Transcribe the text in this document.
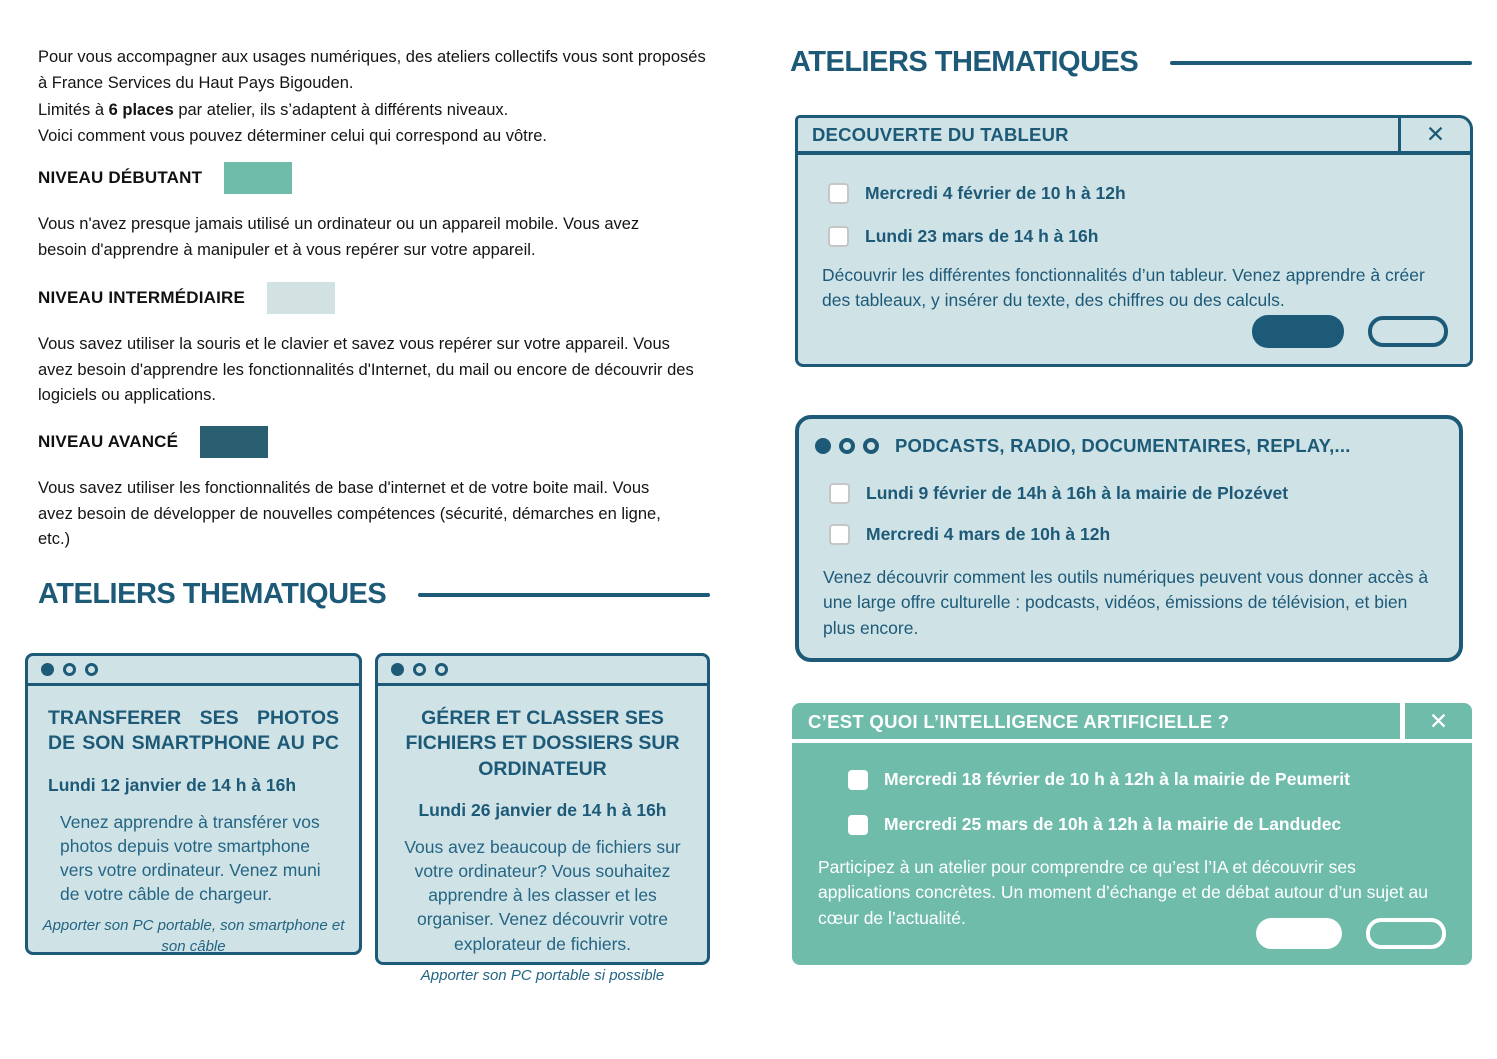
Pour vous accompagner aux usages numériques, des ateliers collectifs vous sont proposés à France Services du Haut Pays Bigouden.
Limités à 6 places par atelier, ils s’adaptent à différents niveaux.
Voici comment vous pouvez déterminer celui qui correspond au vôtre.

NIVEAU DÉBUTANT

Vous n'avez presque jamais utilisé un ordinateur ou un appareil mobile. Vous avez besoin d'apprendre à manipuler et à vous repérer sur votre appareil.

NIVEAU INTERMÉDIAIRE

Vous savez utiliser la souris et le clavier et savez vous repérer sur votre appareil. Vous avez besoin d'apprendre les fonctionnalités d'Internet, du mail ou encore de découvrir des logiciels ou applications.

NIVEAU AVANCÉ

Vous savez utiliser les fonctionnalités de base d'internet et de votre boite mail. Vous avez besoin de développer de nouvelles compétences (sécurité, démarches en ligne, etc.)

ATELIERS THEMATIQUES
TRANSFERER SES PHOTOS DE SON SMARTPHONE AU PC

Lundi 12 janvier de 14 h à 16h

Venez apprendre à transférer vos photos depuis votre smartphone vers votre ordinateur. Venez muni de votre câble de chargeur.

Apporter son PC portable, son smartphone et son câble

GÉRER ET CLASSER SES FICHIERS ET DOSSIERS SUR ORDINATEUR

Lundi 26 janvier de 14 h à 16h

Vous avez beaucoup de fichiers sur votre ordinateur? Vous souhaitez apprendre à les classer et les organiser. Venez découvrir votre explorateur de fichiers.

Apporter son PC portable si possible

ATELIERS THEMATIQUES
DECOUVERTE DU TABLEUR	✕
Mercredi 4 février de 10 h à 12h
Lundi 23 mars de 14 h à 16h

Découvrir les différentes fonctionnalités d’un tableur. Venez apprendre à créer des tableaux, y insérer du texte, des chiffres ou des calculs.

PODCASTS, RADIO, DOCUMENTAIRES, REPLAY,...
Lundi 9 février de 14h à 16h à la mairie de Plozévet
Mercredi 4 mars de 10h à 12h

Venez découvrir comment les outils numériques peuvent vous donner accès à une large offre culturelle : podcasts, vidéos, émissions de télévision, et bien plus encore.

C’EST QUOI L’INTELLIGENCE ARTIFICIELLE ?	✕
Mercredi 18 février de 10 h à 12h à la mairie de Peumerit
Mercredi 25 mars de 10h à 12h à la mairie de Landudec

Participez à un atelier pour comprendre ce qu’est l’IA et découvrir ses applications concrètes. Un moment d’échange et de débat autour d’un sujet au cœur de l’actualité.
